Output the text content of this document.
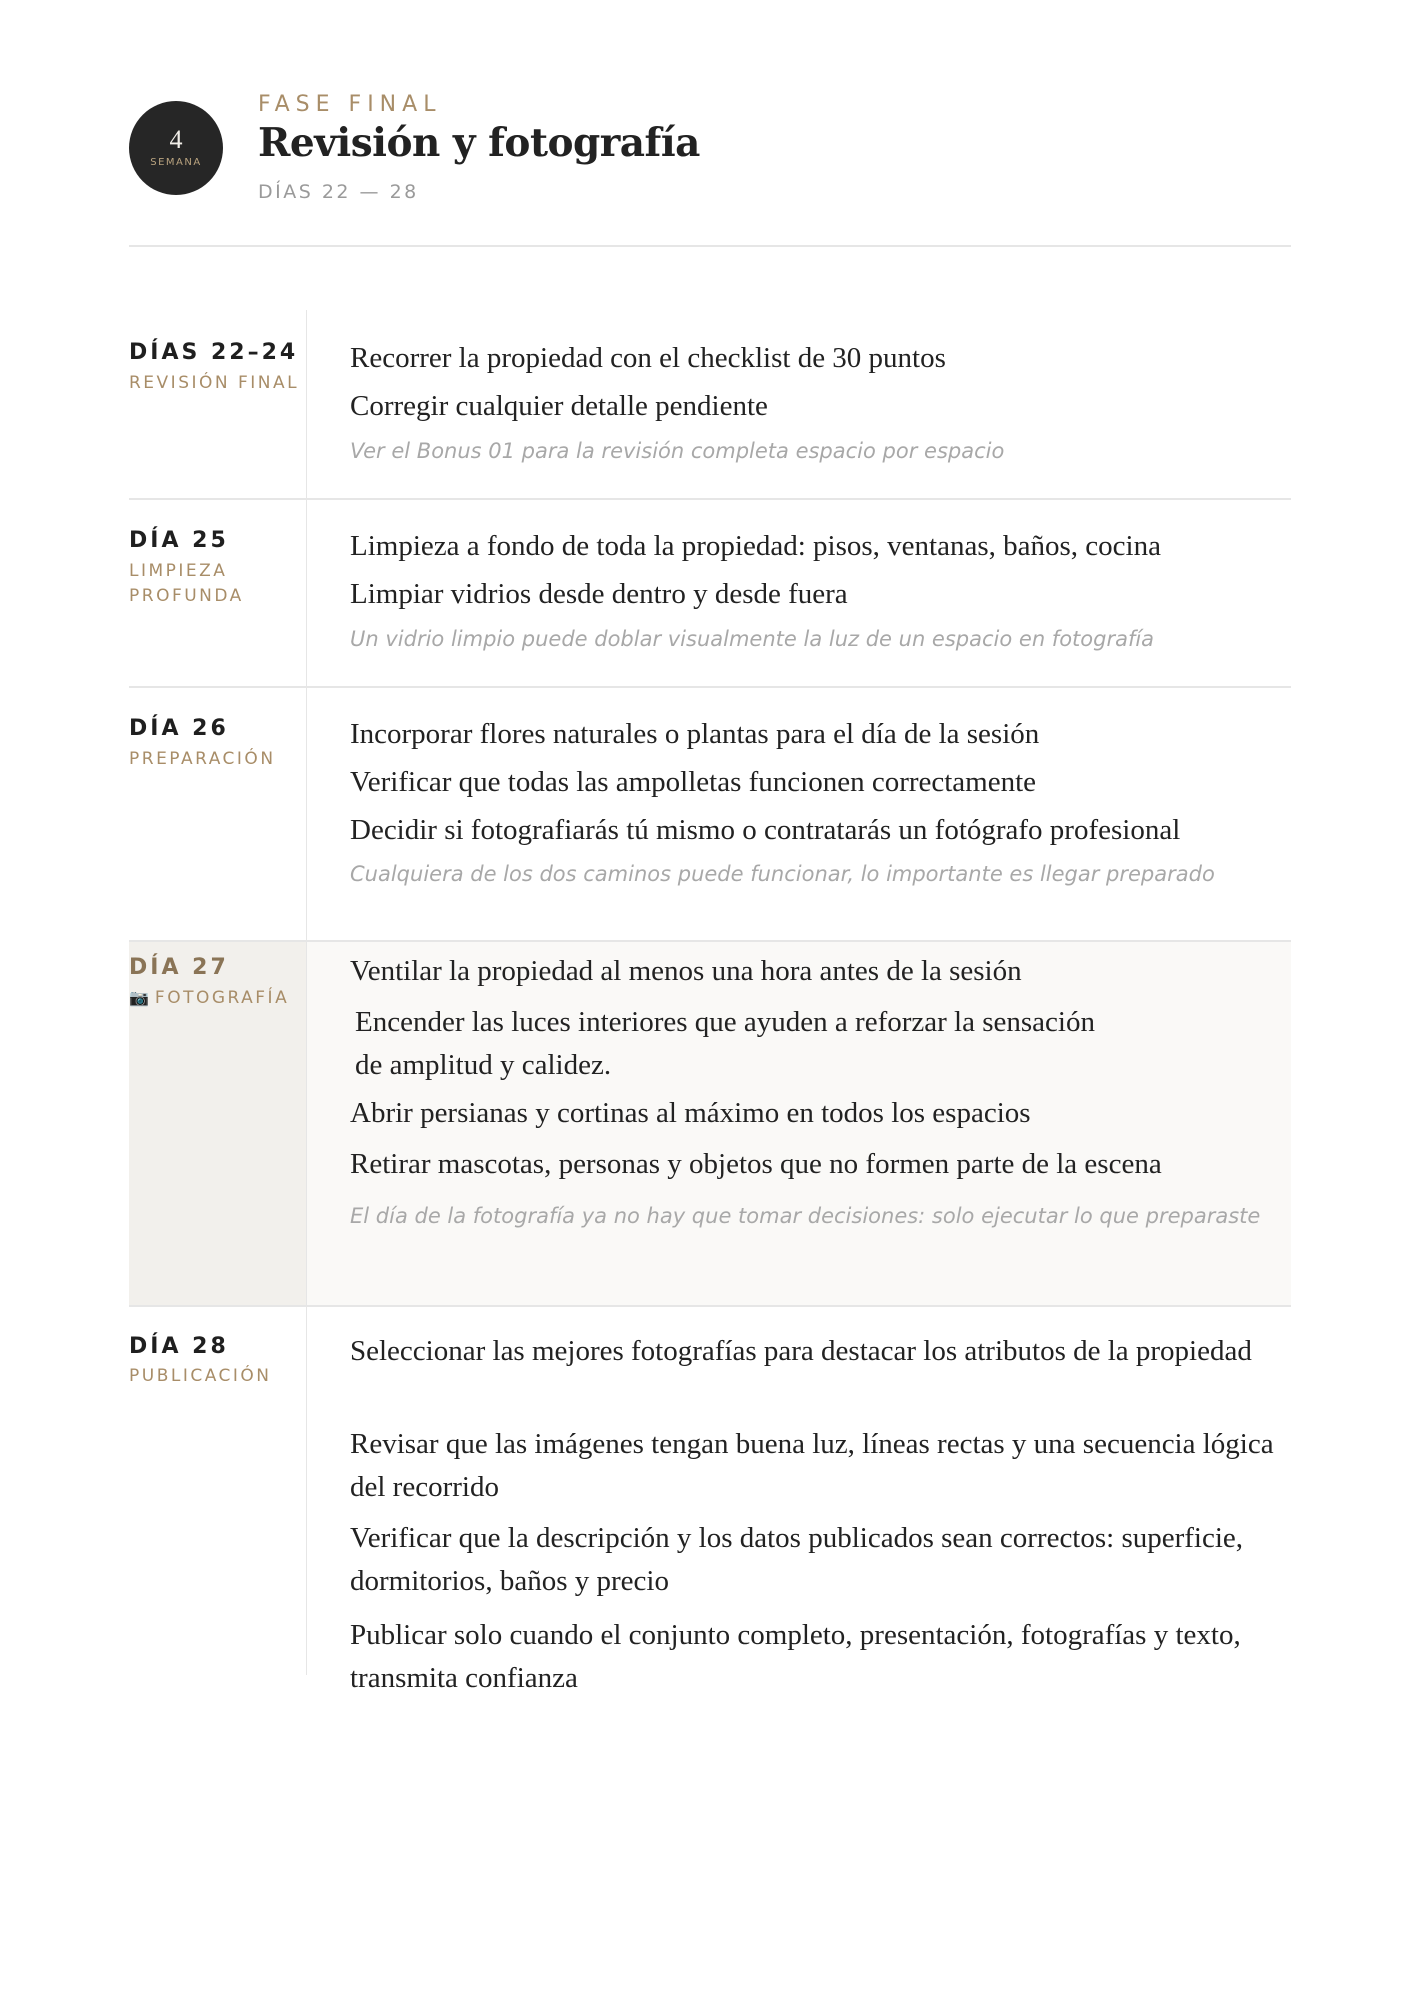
4
SEMANA
FASE FINAL
Revisión y fotografía
DÍAS 22 — 28
DÍAS 22–24
REVISIÓN FINAL
Recorrer la propiedad con el checklist de 30 puntos
Corregir cualquier detalle pendiente
Ver el Bonus 01 para la revisión completa espacio por espacio
DÍA 25
LIMPIEZA
PROFUNDA
Limpieza a fondo de toda la propiedad: pisos, ventanas, baños, cocina
Limpiar vidrios desde dentro y desde fuera
Un vidrio limpio puede doblar visualmente la luz de un espacio en fotografía
DÍA 26
PREPARACIÓN
Incorporar flores naturales o plantas para el día de la sesión
Verificar que todas las ampolletas funcionen correctamente
Decidir si fotografiarás tú mismo o contratarás un fotógrafo profesional
Cualquiera de los dos caminos puede funcionar, lo importante es llegar preparado
DÍA 27
📷 FOTOGRAFÍA
Ventilar la propiedad al menos una hora antes de la sesión
Encender las luces interiores que ayuden a reforzar la sensación
de amplitud y calidez.
Abrir persianas y cortinas al máximo en todos los espacios
Retirar mascotas, personas y objetos que no formen parte de la escena
El día de la fotografía ya no hay que tomar decisiones: solo ejecutar lo que preparaste
DÍA 28
PUBLICACIÓN
Seleccionar las mejores fotografías para destacar los atributos de la propiedad
Revisar que las imágenes tengan buena luz, líneas rectas y una secuencia lógica del recorrido
Verificar que la descripción y los datos publicados sean correctos: superficie, dormitorios, baños y precio
Publicar solo cuando el conjunto completo, presentación, fotografías y texto, transmita confianza
